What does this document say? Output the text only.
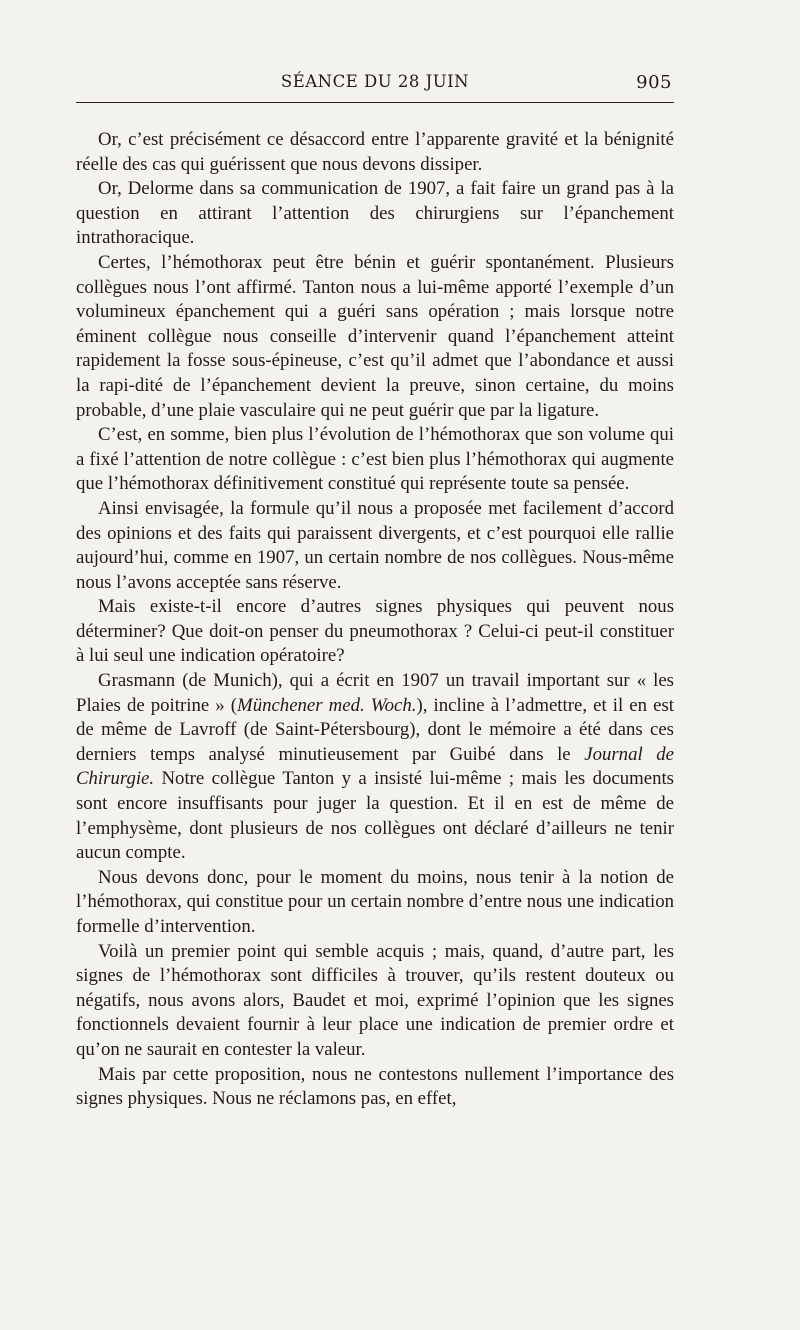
SÉANCE DU 28 JUIN	905

Or, c’est précisément ce désaccord entre l’apparente gravité et la bénignité réelle des cas qui guérissent que nous devons dissiper.

Or, Delorme dans sa communication de 1907, a fait faire un grand pas à la question en attirant l’attention des chirurgiens sur l’épanchement intrathoracique.

Certes, l’hémothorax peut être bénin et guérir spontanément. Plusieurs collègues nous l’ont affirmé. Tanton nous a lui-même apporté l’exemple d’un volumineux épanchement qui a guéri sans opération ; mais lorsque notre éminent collègue nous conseille d’intervenir quand l’épanchement atteint rapidement la fosse sous-épineuse, c’est qu’il admet que l’abondance et aussi la rapi-dité de l’épanchement devient la preuve, sinon certaine, du moins probable, d’une plaie vasculaire qui ne peut guérir que par la ligature.

C’est, en somme, bien plus l’évolution de l’hémothorax que son volume qui a fixé l’attention de notre collègue : c’est bien plus l’hémothorax qui augmente que l’hémothorax définitivement constitué qui représente toute sa pensée.

Ainsi envisagée, la formule qu’il nous a proposée met facilement d’accord des opinions et des faits qui paraissent divergents, et c’est pourquoi elle rallie aujourd’hui, comme en 1907, un certain nombre de nos collègues. Nous-même nous l’avons acceptée sans réserve.

Mais existe-t-il encore d’autres signes physiques qui peuvent nous déterminer? Que doit-on penser du pneumothorax ? Celui-ci peut-il constituer à lui seul une indication opératoire?

Grasmann (de Munich), qui a écrit en 1907 un travail important sur « les Plaies de poitrine » (Münchener med. Woch.), incline à l’admettre, et il en est de même de Lavroff (de Saint-Pétersbourg), dont le mémoire a été dans ces derniers temps analysé minutieusement par Guibé dans le Journal de Chirurgie. Notre collègue Tanton y a insisté lui-même ; mais les documents sont encore insuffisants pour juger la question. Et il en est de même de l’emphysème, dont plusieurs de nos collègues ont déclaré d’ailleurs ne tenir aucun compte.

Nous devons donc, pour le moment du moins, nous tenir à la notion de l’hémothorax, qui constitue pour un certain nombre d’entre nous une indication formelle d’intervention.

Voilà un premier point qui semble acquis ; mais, quand, d’autre part, les signes de l’hémothorax sont difficiles à trouver, qu’ils restent douteux ou négatifs, nous avons alors, Baudet et moi, exprimé l’opinion que les signes fonctionnels devaient fournir à leur place une indication de premier ordre et qu’on ne saurait en contester la valeur.

Mais par cette proposition, nous ne contestons nullement l’importance des signes physiques. Nous ne réclamons pas, en effet,
